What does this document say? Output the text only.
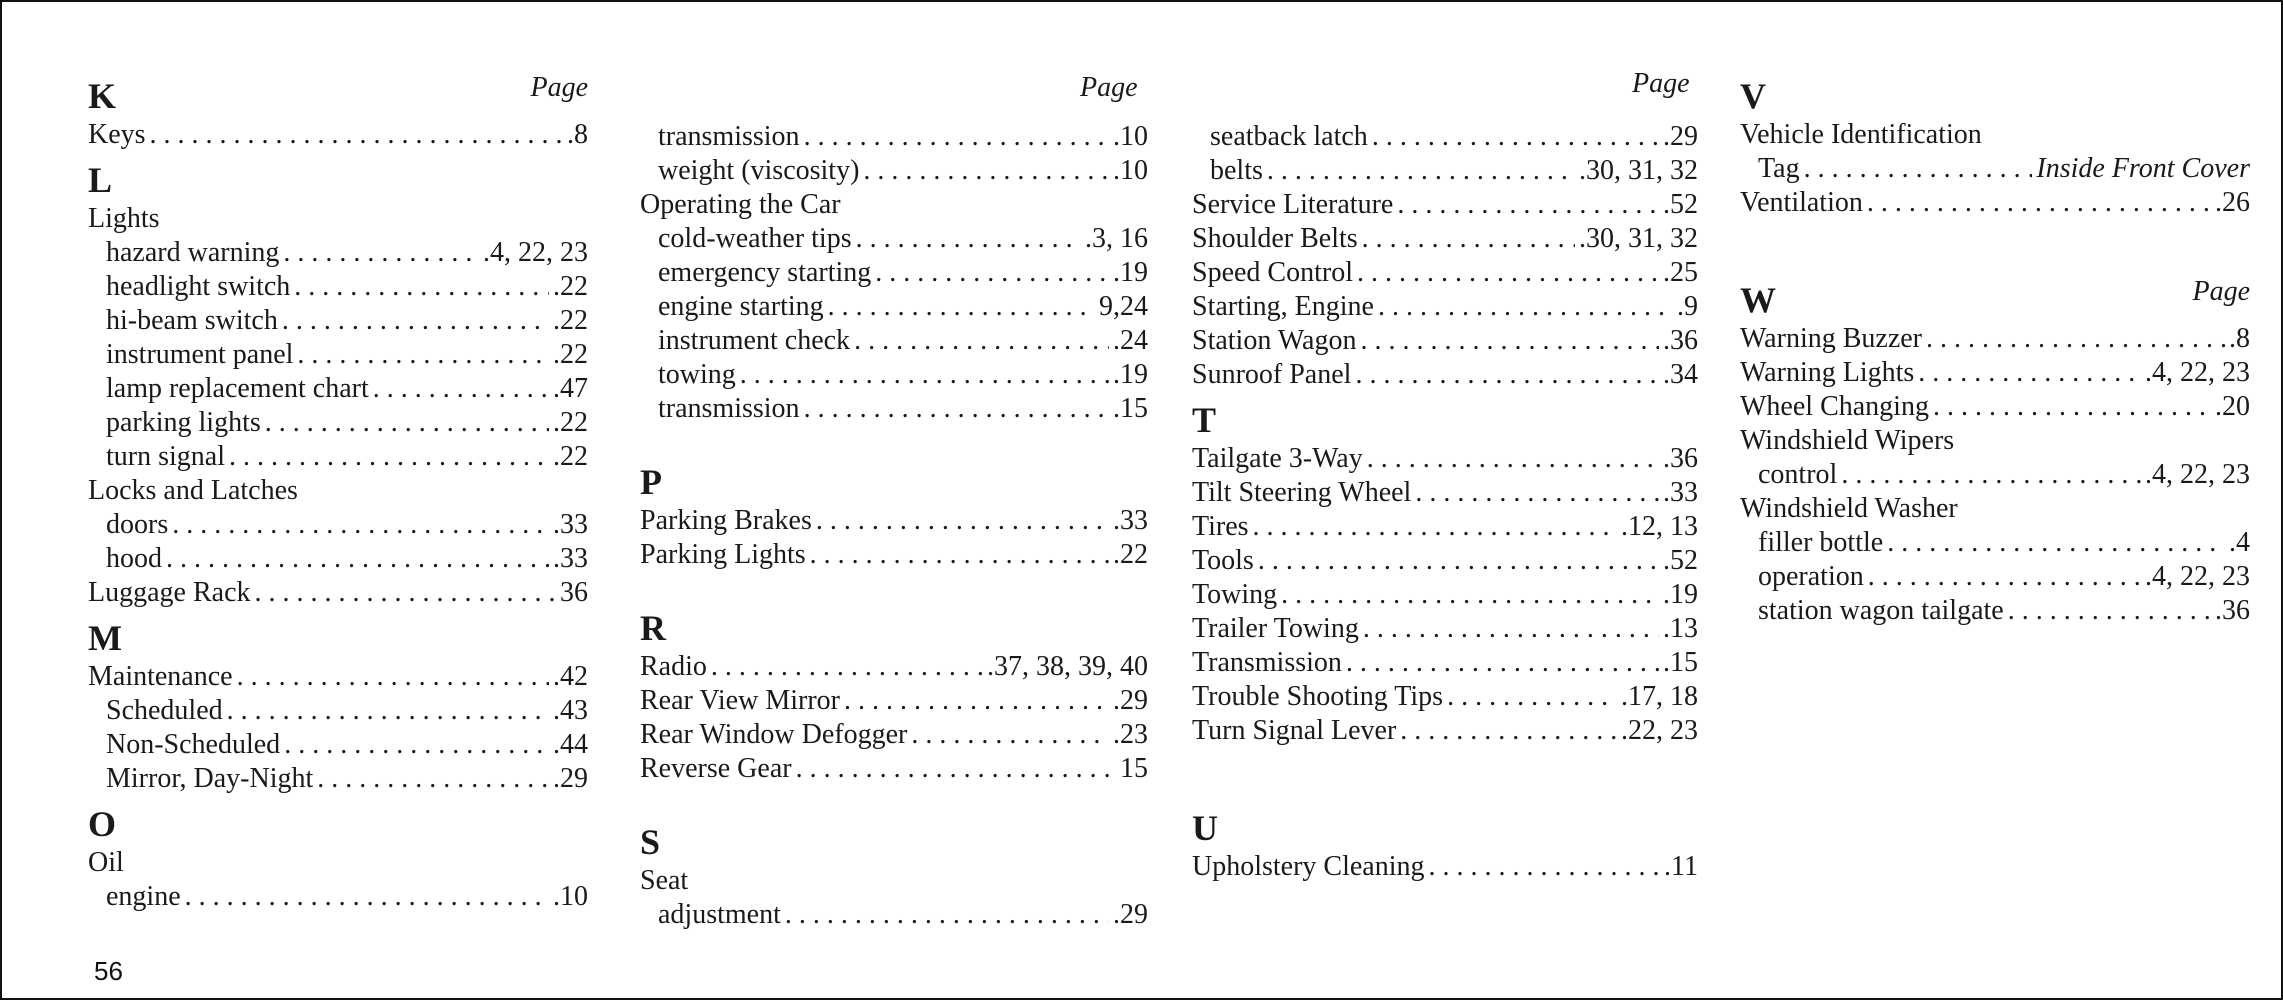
Page	Page
K	Page
Keys . . .	.8
L
Lights
hazard warning . . .	.4, 22, 23
headlight switch . . .	.22
hi-beam switch . . .	.22
instrument panel . . .	.22
lamp replacement chart . . .	.47
parking lights . . .	.22
turn signal . . .	.22
Locks and Latches
doors . . .	.33
hood . . .	.33
Luggage Rack . . .	36
M
Maintenance . . .	.42
Scheduled . . .	.43
Non-Scheduled . . .	.44
Mirror, Day-Night . . .	.29
O
Oil
engine . . .	.10
transmission . . .	.10
weight (viscosity) . . .	.10
Operating the Car
cold-weather tips . . .	.3, 16
emergency starting . . .	.19
engine starting . . .	9,24
instrument check . . .	.24
towing . . .	.19
transmission . . .	.15
P
Parking Brakes . . .	.33
Parking Lights . . .	.22
R
Radio . . .	.37, 38, 39, 40
Rear View Mirror . . .	.29
Rear Window Defogger . . .	.23
Reverse Gear . . .	15
S
Seat
adjustment . . .	.29
seatback latch . . .	.29
belts . . .	.30, 31, 32
Service Literature . . .	.52
Shoulder Belts . . .	.30, 31, 32
Speed Control . . .	.25
Starting, Engine . . .	.9
Station Wagon . . .	.36
Sunroof Panel . . .	.34
T
Tailgate 3-Way . . .	.36
Tilt Steering Wheel . . .	.33
Tires . . .	.12, 13
Tools . . .	.52
Towing . . .	.19
Trailer Towing . . .	.13
Transmission . . .	.15
Trouble Shooting Tips . . .	.17, 18
Turn Signal Lever . . .	.22, 23
U
Upholstery Cleaning . . .	.11
V
Vehicle Identification
Tag . . .	Inside Front Cover
Ventilation . . .	.26
W	Page
Warning Buzzer . . .	.8
Warning Lights . . .	.4, 22, 23
Wheel Changing . . .	.20
Windshield Wipers
control . . .	.4, 22, 23
Windshield Washer
filler bottle . . .	.4
operation . . .	.4, 22, 23
station wagon tailgate . . .	.36
56
